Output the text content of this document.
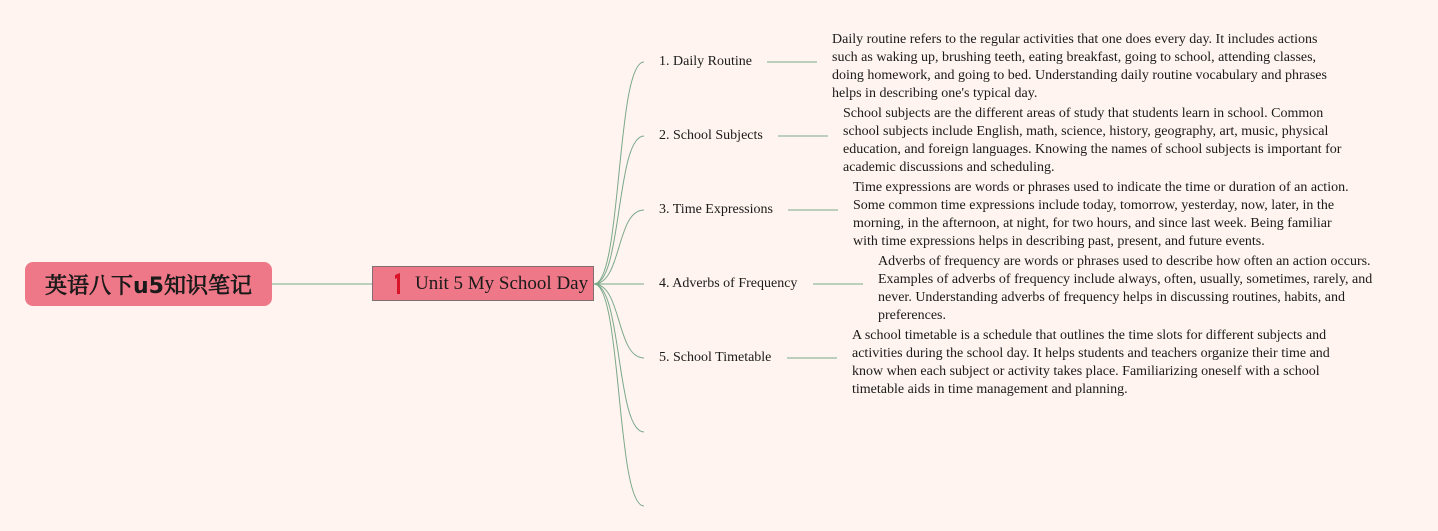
英语八下u5知识笔记	Unit 5 My School Day
1. Daily Routine
Daily routine refers to the regular activities that one does every day. It includes actions such as waking up, brushing teeth, eating breakfast, going to school, attending classes, doing homework, and going to bed. Understanding daily routine vocabulary and phrases helps in describing one's typical day.
2. School Subjects
School subjects are the different areas of study that students learn in school. Common school subjects include English, math, science, history, geography, art, music, physical education, and foreign languages. Knowing the names of school subjects is important for academic discussions and scheduling.
3. Time Expressions
Time expressions are words or phrases used to indicate the time or duration of an action. Some common time expressions include today, tomorrow, yesterday, now, later, in the morning, in the afternoon, at night, for two hours, and since last week. Being familiar with time expressions helps in describing past, present, and future events.
4. Adverbs of Frequency
Adverbs of frequency are words or phrases used to describe how often an action occurs. Examples of adverbs of frequency include always, often, usually, sometimes, rarely, and never. Understanding adverbs of frequency helps in discussing routines, habits, and preferences.
5. School Timetable
A school timetable is a schedule that outlines the time slots for different subjects and activities during the school day. It helps students and teachers organize their time and know when each subject or activity takes place. Familiarizing oneself with a school timetable aids in time management and planning.
